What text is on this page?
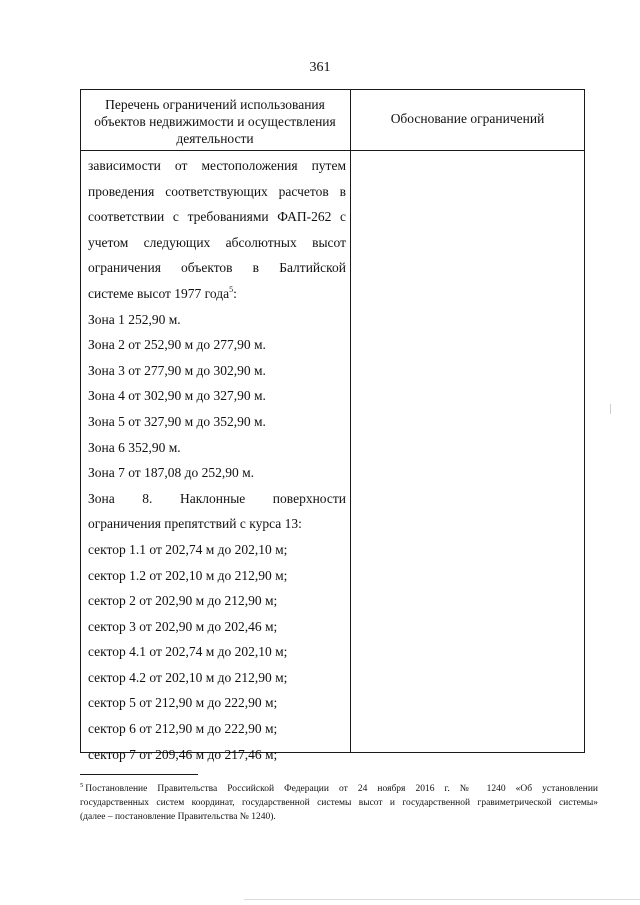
361
Перечень ограничений использования
объектов недвижимости и осуществления
деятельности
Обоснование ограничений
зависимости от местоположения путем
проведения соответствующих расчетов в
соответствии с требованиями ФАП-262 с
учетом следующих абсолютных высот
ограничения объектов в Балтийской
системе высот 1977 года$^5$:
Зона 1 252,90 м.
Зона 2 от 252,90 м до 277,90 м.
Зона 3 от 277,90 м до 302,90 м.
Зона 4 от 302,90 м до 327,90 м.
Зона 5 от 327,90 м до 352,90 м.
Зона 6 352,90 м.
Зона 7 от 187,08 до 252,90 м.
Зона 8. Наклонные поверхности
ограничения препятствий с курса 13:
сектор 1.1 от 202,74 м до 202,10 м;
сектор 1.2 от 202,10 м до 212,90 м;
сектор 2 от 202,90 м до 212,90 м;
сектор 3 от 202,90 м до 202,46 м;
сектор 4.1 от 202,74 м до 202,10 м;
сектор 4.2 от 202,10 м до 212,90 м;
сектор 5 от 212,90 м до 222,90 м;
сектор 6 от 212,90 м до 222,90 м;
сектор 7 от 209,46 м до 217,46 м;
$^5$ Постановление Правительства Российской Федерации от 24 ноября 2016 г. № 1240 «Об установлении
государственных систем координат, государственной системы высот и государственной гравиметрической системы»
(далее – постановление Правительства № 1240).
